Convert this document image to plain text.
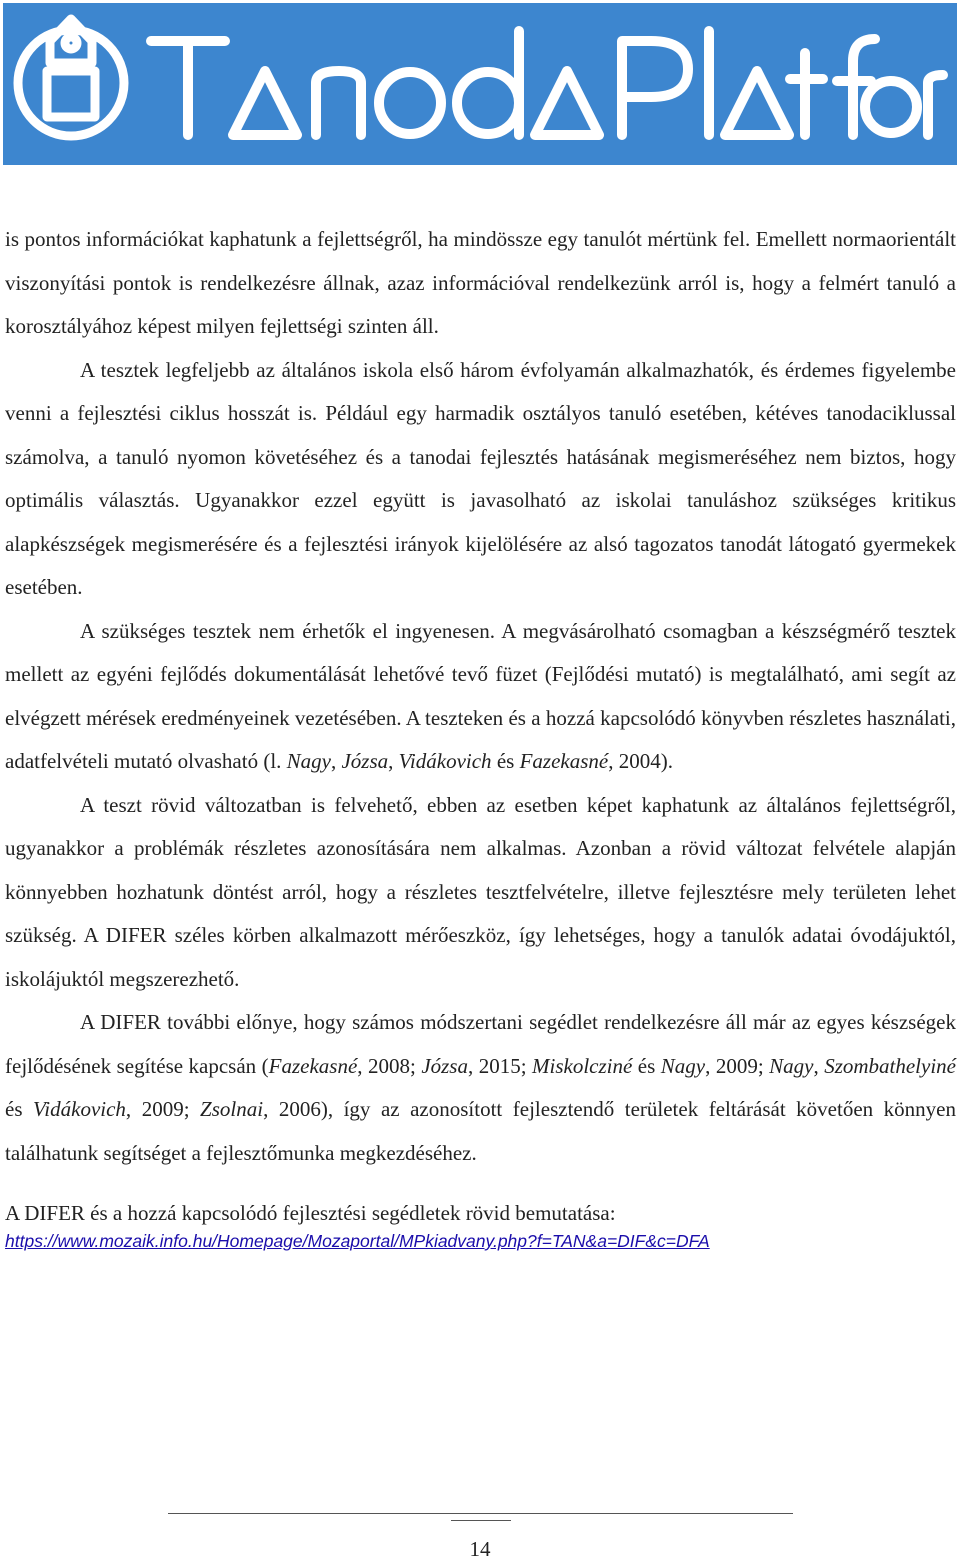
is pontos információkat kaphatunk a fejlettségről, ha mindössze egy tanulót mértünk fel. Emellett normaorientált viszonyítási pontok is rendelkezésre állnak, azaz információval rendelkezünk arról is, hogy a felmért tanuló a korosztályához képest milyen fejlettségi szinten áll.

A tesztek legfeljebb az általános iskola első három évfolyamán alkalmazhatók, és érdemes figyelembe venni a fejlesztési ciklus hosszát is. Például egy harmadik osztályos tanuló esetében, kétéves tanodaciklussal számolva, a tanuló nyomon követéséhez és a tanodai fejlesztés hatásának megismeréséhez nem biztos, hogy optimális választás. Ugyanakkor ezzel együtt is javasolható az iskolai tanuláshoz szükséges kritikus alapkészségek megismerésére és a fejlesztési irányok kijelölésére az alsó tagozatos tanodát látogató gyermekek esetében.

A szükséges tesztek nem érhetők el ingyenesen. A megvásárolható csomagban a készségmérő tesztek mellett az egyéni fejlődés dokumentálását lehetővé tevő füzet (Fejlődési mutató) is megtalálható, ami segít az elvégzett mérések eredményeinek vezetésében. A teszteken és a hozzá kapcsolódó könyvben részletes használati, adatfelvételi mutató olvasható (l. Nagy, Józsa, Vidákovich és Fazekasné, 2004).

A teszt rövid változatban is felvehető, ebben az esetben képet kaphatunk az általános fejlettségről, ugyanakkor a problémák részletes azonosítására nem alkalmas. Azonban a rövid változat felvétele alapján könnyebben hozhatunk döntést arról, hogy a részletes tesztfelvételre, illetve fejlesztésre mely területen lehet szükség. A DIFER széles körben alkalmazott mérőeszköz, így lehetséges, hogy a tanulók adatai óvodájuktól, iskolájuktól megszerezhető.

A DIFER további előnye, hogy számos módszertani segédlet rendelkezésre áll már az egyes készségek fejlődésének segítése kapcsán (Fazekasné, 2008; Józsa, 2015; Miskolcziné és Nagy, 2009; Nagy, Szombathelyiné és Vidákovich, 2009; Zsolnai, 2006), így az azonosított fejlesztendő területek feltárását követően könnyen találhatunk segítséget a fejlesztőmunka megkezdéséhez.

A DIFER és a hozzá kapcsolódó fejlesztési segédletek rövid bemutatása:

https://www.mozaik.info.hu/Homepage/Mozaportal/MPkiadvany.php?f=TAN&a=DIF&c=DFA
14
